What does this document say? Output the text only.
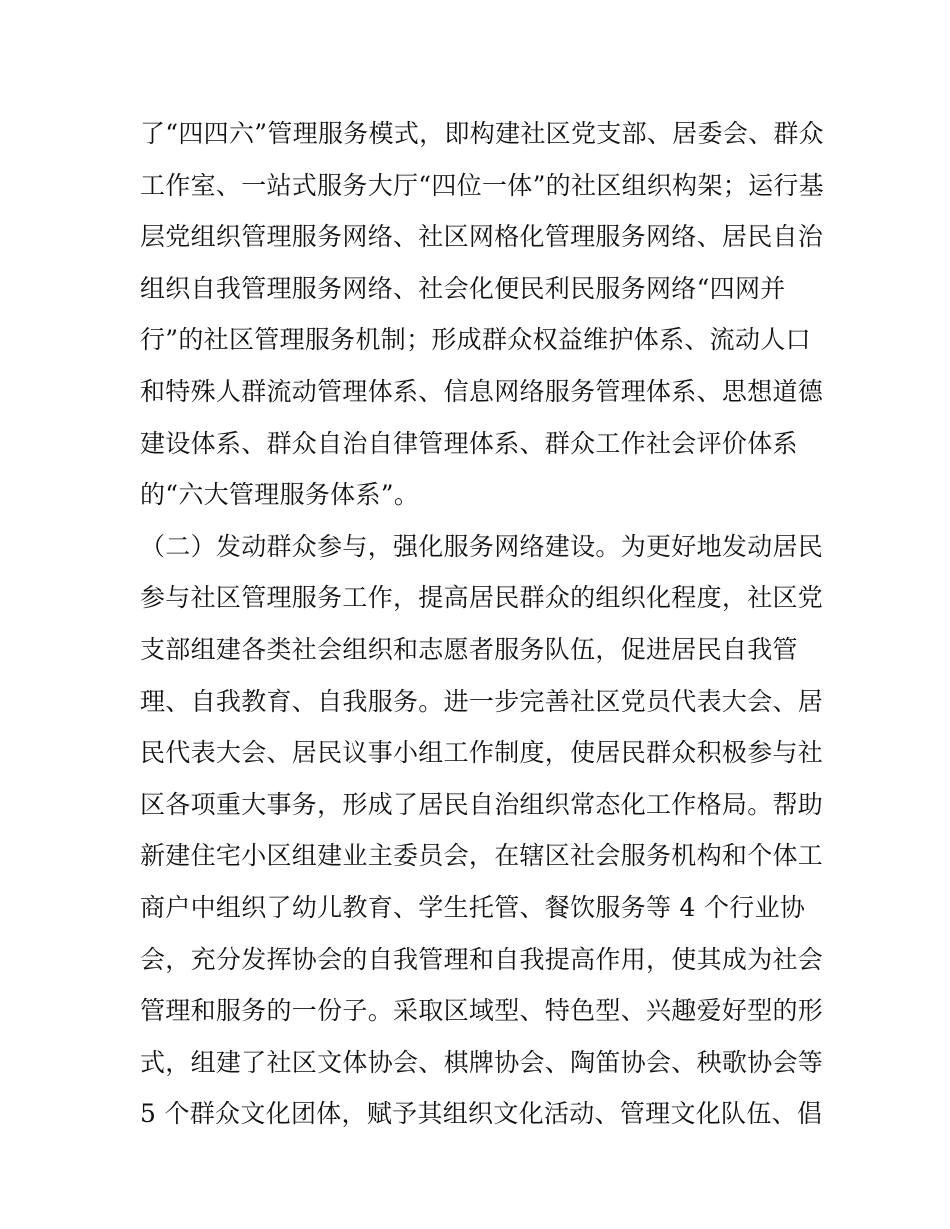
了“四四六”管理服务模式，即构建社区党支部、居委会、群众
工作室、一站式服务大厅“四位一体”的社区组织构架；运行基
层党组织管理服务网络、社区网格化管理服务网络、居民自治
组织自我管理服务网络、社会化便民利民服务网络“四网并
行”的社区管理服务机制；形成群众权益维护体系、流动人口
和特殊人群流动管理体系、信息网络服务管理体系、思想道德
建设体系、群众自治自律管理体系、群众工作社会评价体系
的“六大管理服务体系”。
（二）发动群众参与，强化服务网络建设。为更好地发动居民
参与社区管理服务工作，提高居民群众的组织化程度，社区党
支部组建各类社会组织和志愿者服务队伍，促进居民自我管
理、自我教育、自我服务。进一步完善社区党员代表大会、居
民代表大会、居民议事小组工作制度，使居民群众积极参与社
区各项重大事务，形成了居民自治组织常态化工作格局。帮助
新建住宅小区组建业主委员会，在辖区社会服务机构和个体工
商户中组织了幼儿教育、学生托管、餐饮服务等 4 个行业协
会，充分发挥协会的自我管理和自我提高作用，使其成为社会
管理和服务的一份子。采取区域型、特色型、兴趣爱好型的形
式，组建了社区文体协会、棋牌协会、陶笛协会、秧歌协会等
5 个群众文化团体，赋予其组织文化活动、管理文化队伍、倡
